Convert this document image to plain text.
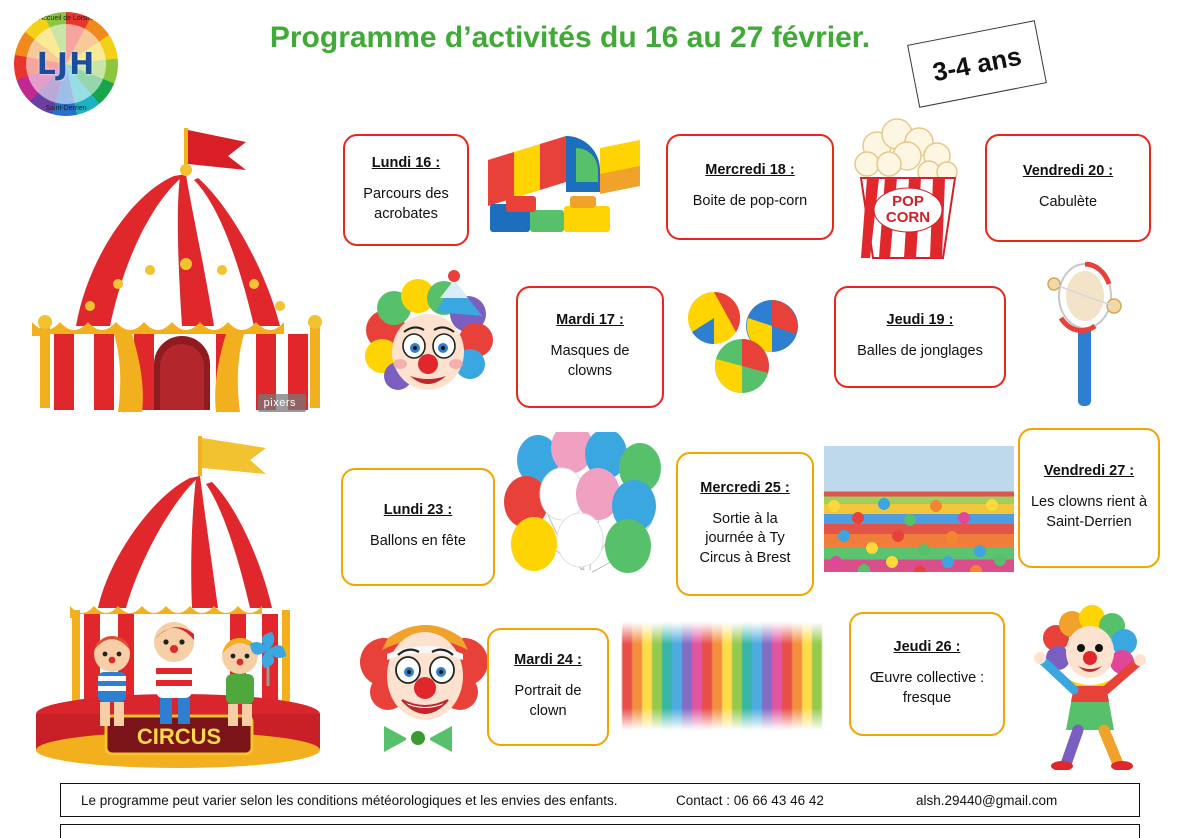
Accueil de Loisirs
LJH
Saint-Derrien
Programme d’activités du 16 au 27 février.
3-4 ans
pixers
CIRCUS
POP
CORN
Lundi 16 :
Parcours des acrobates
Mercredi 18 :
Boite de pop-corn
Vendredi 20 :
Cabulète
Mardi 17 :
Masques de clowns
Jeudi 19 :
Balles de jonglages
Lundi 23 :
Ballons en fête
Mercredi 25 :
Sortie à la journée à Ty Circus à Brest
Vendredi 27 :
Les clowns rient à Saint-Derrien
Mardi 24 :
Portrait de clown
Jeudi 26 :
Œuvre collective : fresque
Le programme peut varier selon les conditions météorologiques et les envies des enfants.	Contact : 06 66 43 46 42	alsh.29440@gmail.com
